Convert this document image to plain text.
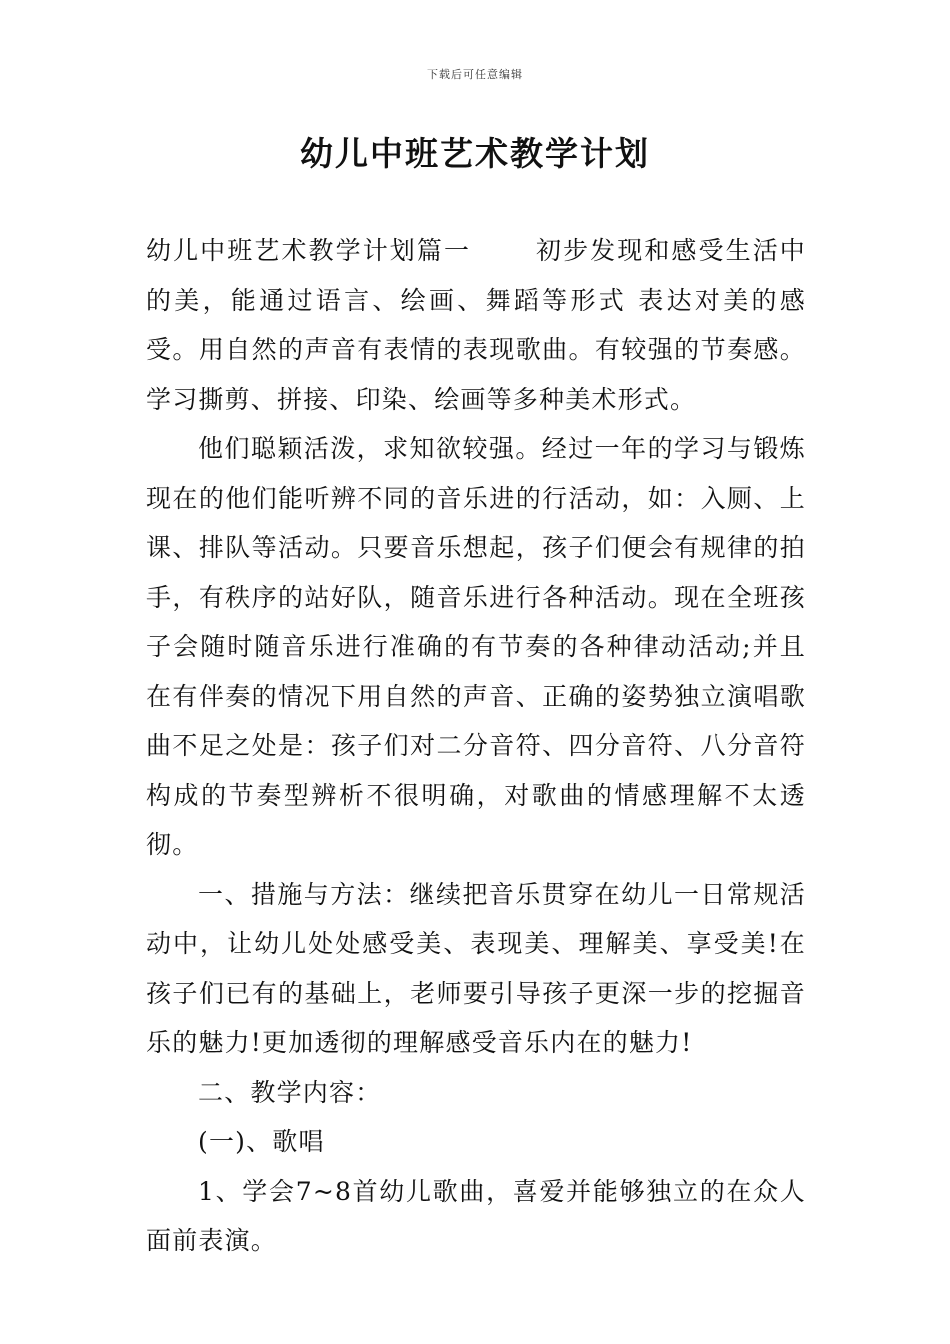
下载后可任意编辑
幼儿中班艺术教学计划

幼儿中班艺术教学计划篇一	初步发现和感受生活中的美，能通过语言、绘画、舞蹈等形式 表达对美的感受。用自然的声音有表情的表现歌曲。有较强的节奏感。学习撕剪、拼接、印染、绘画等多种美术形式。

他们聪颖活泼，求知欲较强。经过一年的学习与锻炼现在的他们能听辨不同的音乐进的行活动，如：入厕、上课、排队等活动。只要音乐想起，孩子们便会有规律的拍手，有秩序的站好队，随音乐进行各种活动。现在全班孩子会随时随音乐进行准确的有节奏的各种律动活动;并且在有伴奏的情况下用自然的声音、正确的姿势独立演唱歌曲不足之处是：孩子们对二分音符、四分音符、八分音符构成的节奏型辨析不很明确，对歌曲的情感理解不太透彻。

一、措施与方法：继续把音乐贯穿在幼儿一日常规活动中，让幼儿处处感受美、表现美、理解美、享受美!在孩子们已有的基础上，老师要引导孩子更深一步的挖掘音乐的魅力!更加透彻的理解感受音乐内在的魅力!

二、教学内容：

(一)、歌唱

1、学会7~8首幼儿歌曲，喜爱并能够独立的在众人面前表演。
